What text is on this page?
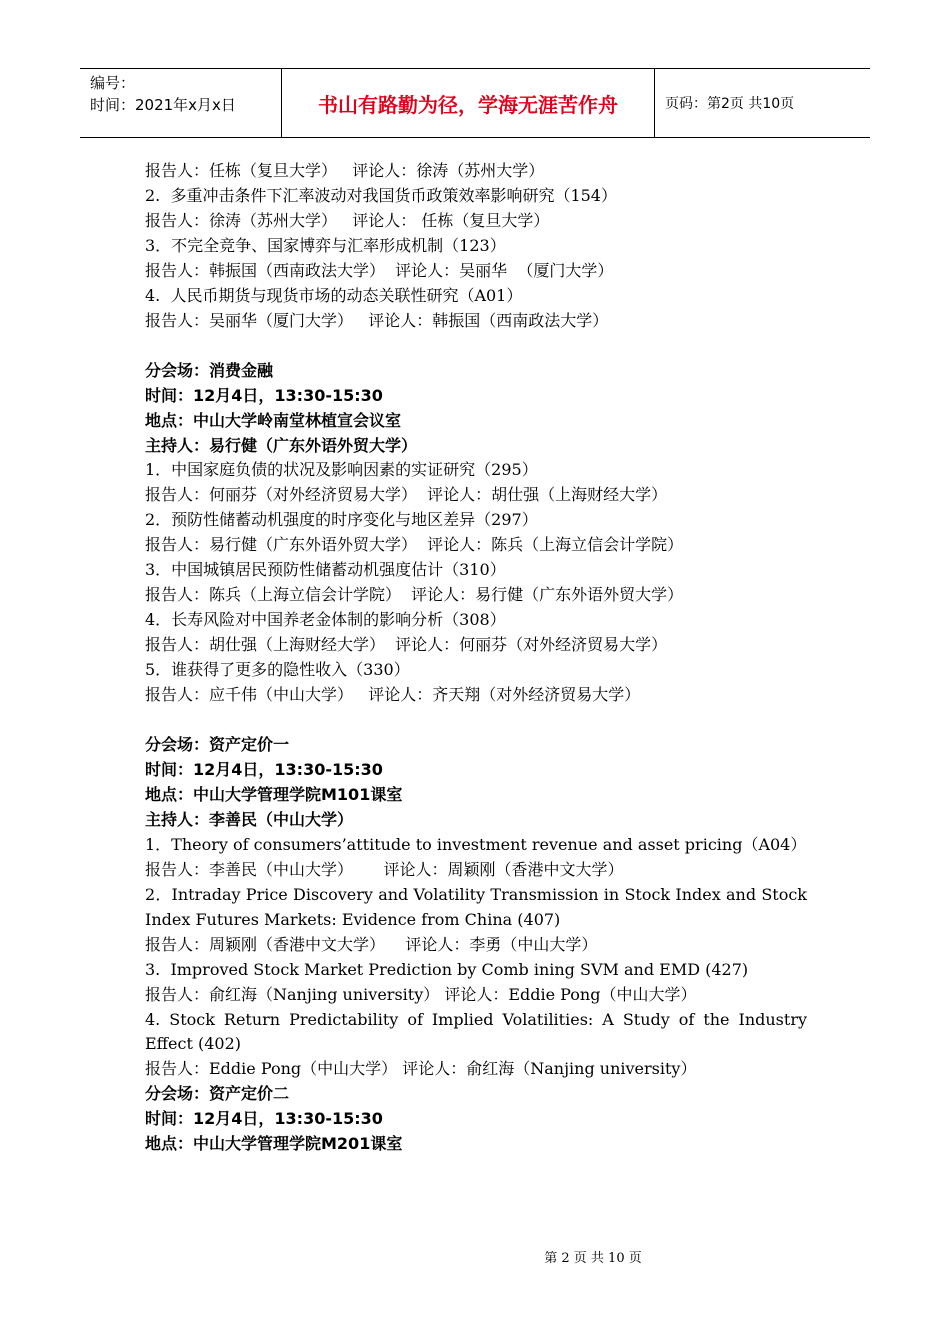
编号：
时间：2021年x月x日	书山有路勤为径，学海无涯苦作舟	页码：第2页 共10页
报告人：任栋（复旦大学）   评论人：徐涛（苏州大学）
2.  多重冲击条件下汇率波动对我国货币政策效率影响研究（154）
报告人：徐涛（苏州大学）   评论人： 任栋（复旦大学）
3．不完全竞争、国家博弈与汇率形成机制（123）
报告人：韩振国（西南政法大学）  评论人：吴丽华  （厦门大学）
4.  人民币期货与现货市场的动态关联性研究（A01）
报告人：吴丽华（厦门大学）   评论人：韩振国（西南政法大学）
分会场：消费金融
时间：12月4日，13:30-15:30
地点：中山大学岭南堂林植宣会议室
主持人：易行健（广东外语外贸大学）
1．中国家庭负债的状况及影响因素的实证研究（295）
报告人：何丽芬（对外经济贸易大学）  评论人：胡仕强（上海财经大学）
2．预防性储蓄动机强度的时序变化与地区差异（297）
报告人：易行健（广东外语外贸大学）  评论人：陈兵（上海立信会计学院）
3．中国城镇居民预防性储蓄动机强度估计（310）
报告人：陈兵（上海立信会计学院）  评论人：易行健（广东外语外贸大学）
4．长寿风险对中国养老金体制的影响分析（308）
报告人：胡仕强（上海财经大学）  评论人：何丽芬（对外经济贸易大学）
5．谁获得了更多的隐性收入（330）
报告人：应千伟（中山大学）   评论人：齐天翔（对外经济贸易大学）
分会场：资产定价一
时间：12月4日，13:30-15:30
地点：中山大学管理学院M101课室
主持人：李善民（中山大学）
1．Theory of consumers’attitude to investment revenue and asset pricing（A04）
报告人：李善民（中山大学）      评论人：周颖刚（香港中文大学）
2．Intraday Price Discovery and Volatility Transmission in Stock Index and Stock Index Futures Markets: Evidence from China (407)
报告人：周颖刚（香港中文大学）    评论人：李勇（中山大学）
3.  Improved Stock Market Prediction by Comb ining SVM and EMD (427)
报告人：俞红海（Nanjing university） 评论人：Eddie Pong（中山大学）
4. Stock Return Predictability of Implied Volatilities: A Study of the Industry Effect (402)
报告人：Eddie Pong（中山大学） 评论人：俞红海（Nanjing university）
分会场：资产定价二
时间：12月4日，13:30-15:30
地点：中山大学管理学院M201课室
第 2 页 共 10 页
